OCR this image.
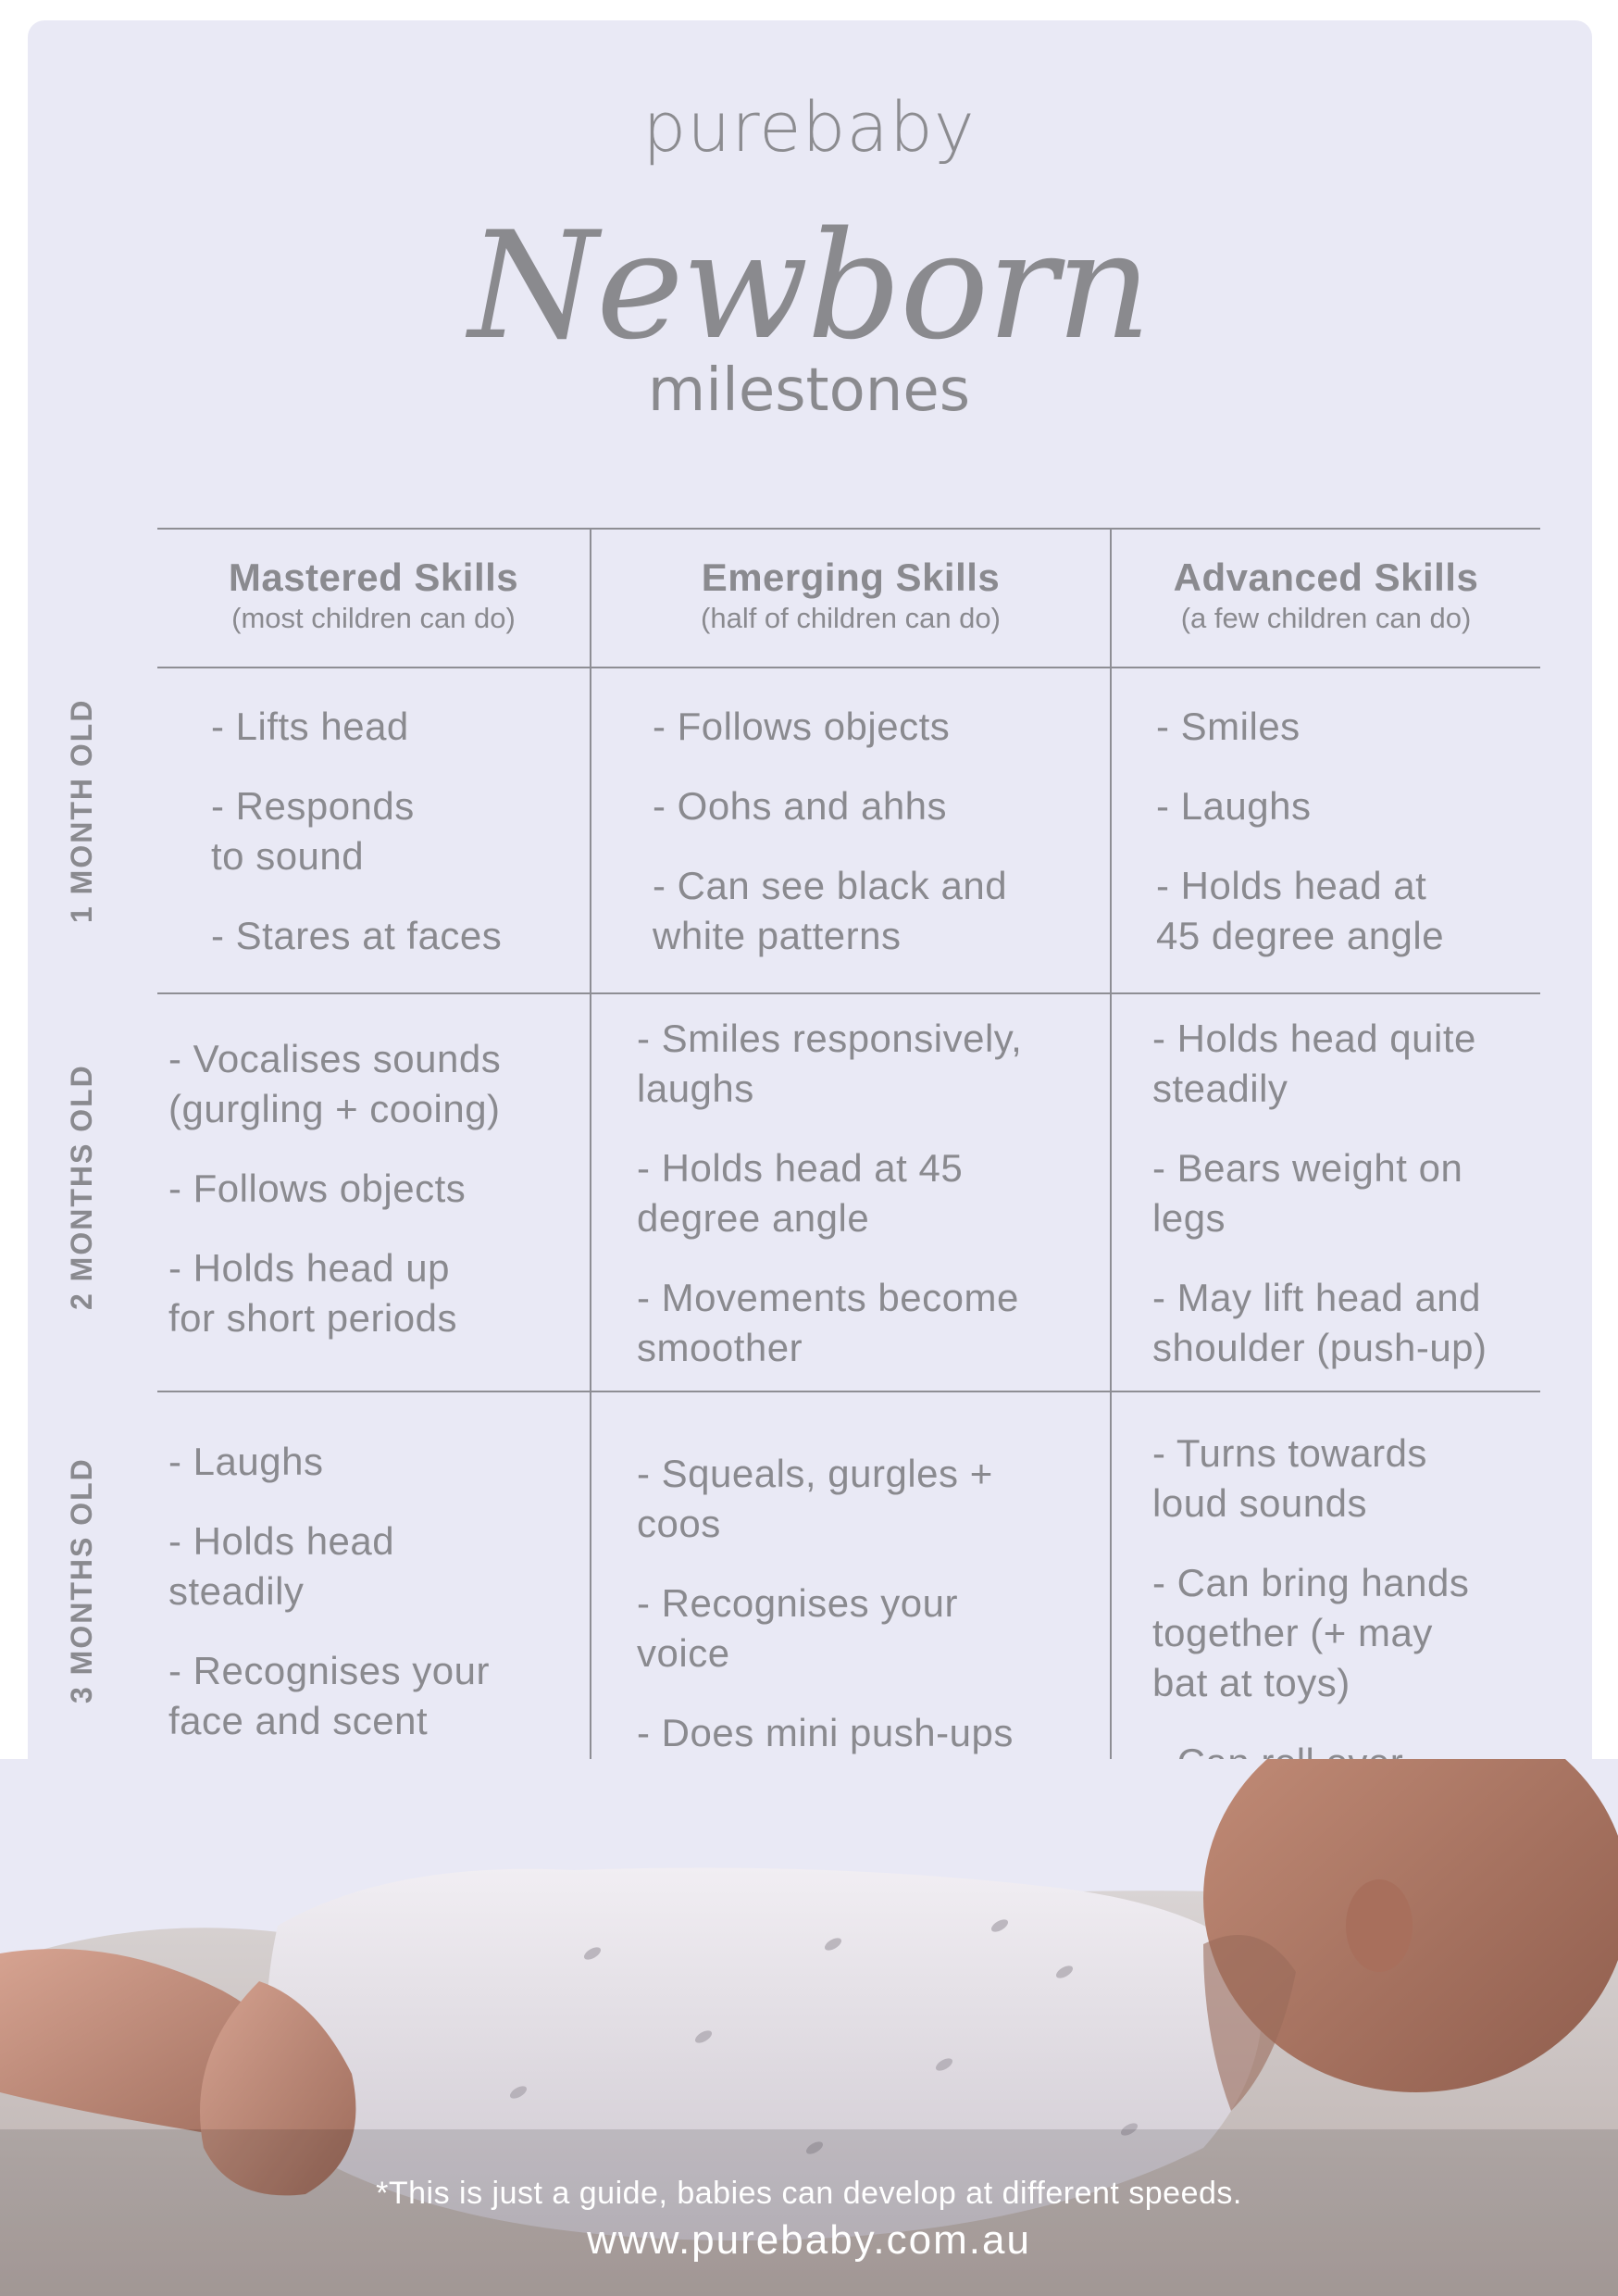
purebaby
Newborn
milestones
Mastered Skills
(most children can do)
Emerging Skills
(half of children can do)
Advanced Skills
(a few children can do)
1 MONTH OLD
2 MONTHS OLD
3 MONTHS OLD
- Lifts head
- Responds
to sound
- Stares at faces
- Follows objects
- Oohs and ahhs
- Can see black and
white patterns
- Smiles
- Laughs
- Holds head at
45 degree angle
- Vocalises sounds
(gurgling + cooing)
- Follows objects
- Holds head up
for short periods
- Smiles responsively,
laughs
- Holds head at 45
degree angle
- Movements become
smoother
- Holds head quite
steadily
- Bears weight on
legs
- May lift head and
shoulder (push-up)
- Laughs
- Holds head
steadily
- Recognises your
face and scent
- Squeals, gurgles +
coos
- Recognises your
voice
- Does mini push-ups
- Turns towards
loud sounds
- Can bring hands
together (+ may
bat at toys)
*This is just a guide, babies can develop at different speeds.
www.purebaby.com.au
